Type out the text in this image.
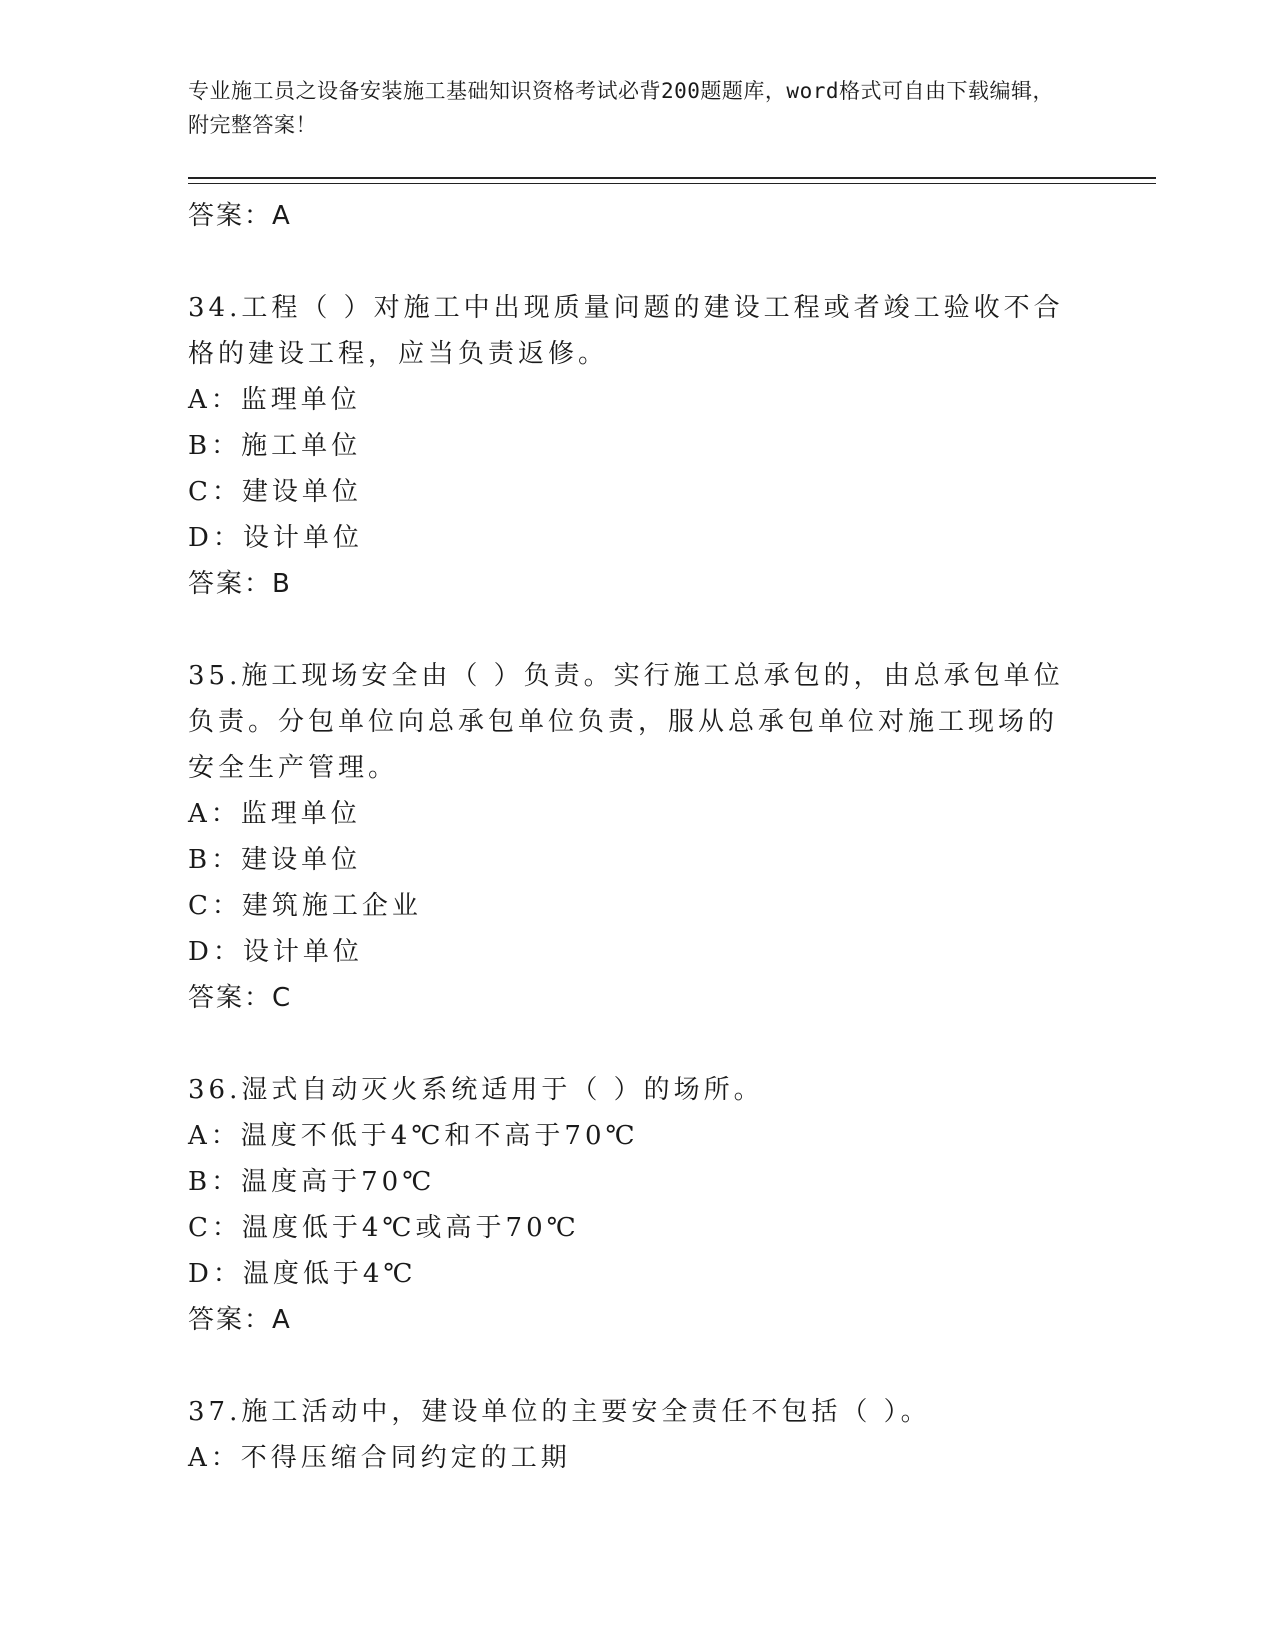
专业施工员之设备安装施工基础知识资格考试必背200题题库，word格式可自由下载编辑，附完整答案！
答案：A
34.工程（ ）对施工中出现质量问题的建设工程或者竣工验收不合格的建设工程，应当负责返修。
A：监理单位
B：施工单位
C：建设单位
D：设计单位
答案：B
35.施工现场安全由（ ）负责。实行施工总承包的，由总承包单位负责。分包单位向总承包单位负责，服从总承包单位对施工现场的安全生产管理。
A：监理单位
B：建设单位
C：建筑施工企业
D：设计单位
答案：C
36.湿式自动灭火系统适用于（ ）的场所。
A：温度不低于4℃和不高于70℃
B：温度高于70℃
C：温度低于4℃或高于70℃
D：温度低于4℃
答案：A
37.施工活动中，建设单位的主要安全责任不包括（ ）。
A：不得压缩合同约定的工期
